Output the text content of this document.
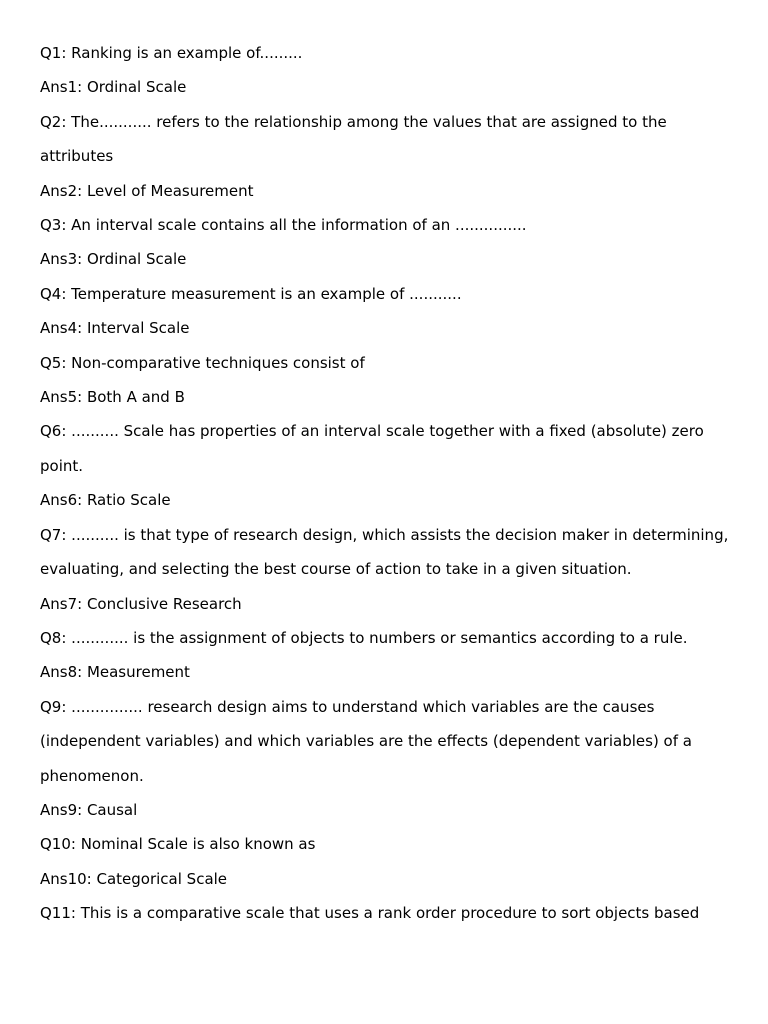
Q1: Ranking is an example of.........

Ans1: Ordinal Scale

Q2: The........... refers to the relationship among the values that are assigned to the attributes

Ans2: Level of Measurement

Q3: An interval scale contains all the information of an ...............

Ans3: Ordinal Scale

Q4: Temperature measurement is an example of ...........

Ans4: Interval Scale

Q5: Non-comparative techniques consist of

Ans5: Both A and B

Q6: .......... Scale has properties of an interval scale together with a fixed (absolute) zero point.

Ans6: Ratio Scale

Q7: .......... is that type of research design, which assists the decision maker in determining, evaluating, and selecting the best course of action to take in a given situation.

Ans7: Conclusive Research

Q8: ............ is the assignment of objects to numbers or semantics according to a rule.

Ans8: Measurement

Q9: ............... research design aims to understand which variables are the causes (independent variables) and which variables are the effects (dependent variables) of a phenomenon.

Ans9: Causal

Q10: Nominal Scale is also known as

Ans10: Categorical Scale

Q11: This is a comparative scale that uses a rank order procedure to sort objects based
